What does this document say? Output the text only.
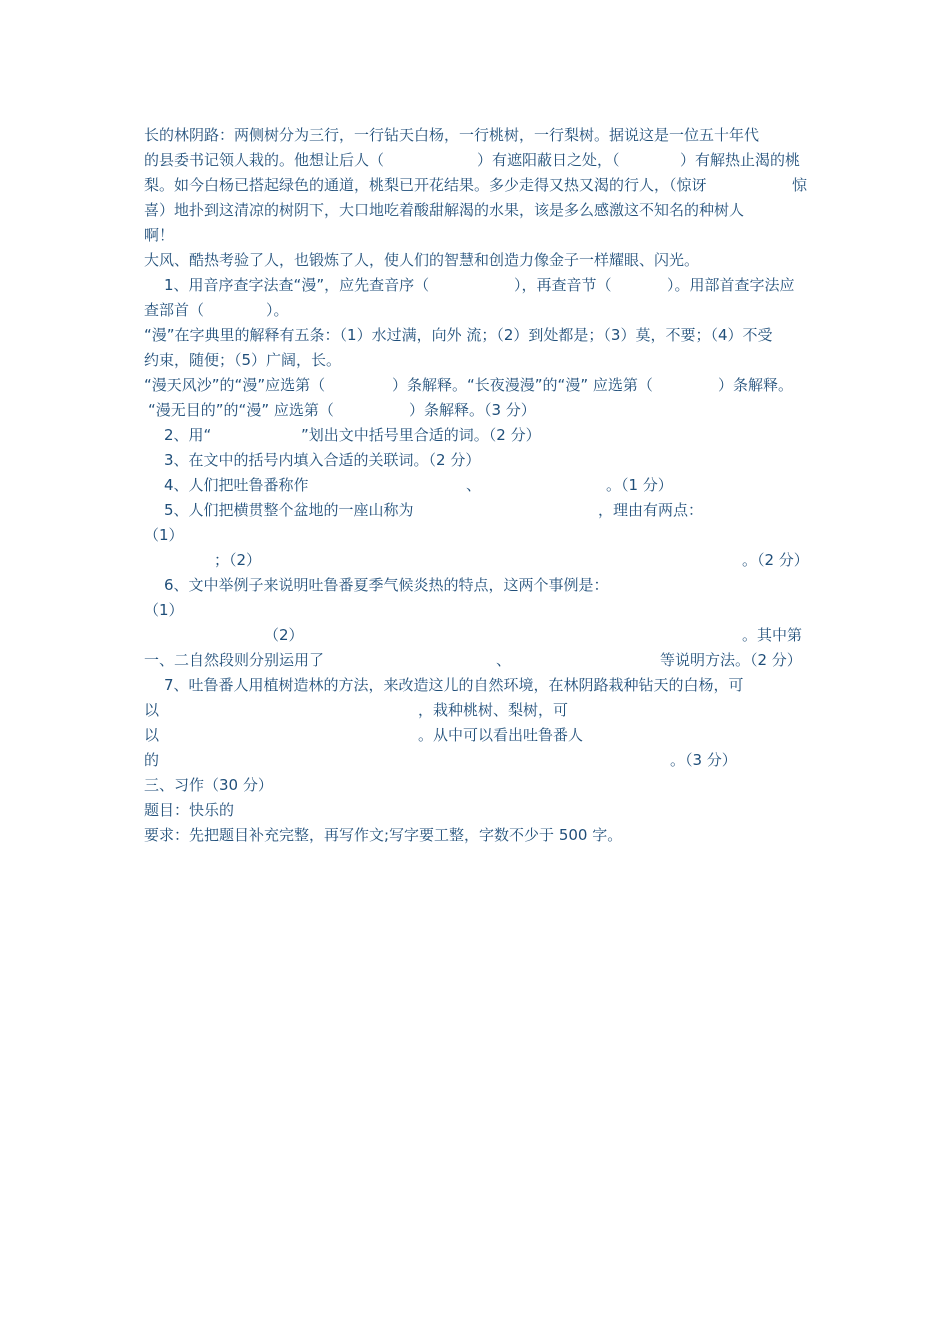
长的林阴路：两侧树分为三行，一行钻天白杨，一行桃树，一行梨树。据说这是一位五十年代
的县委书记领人栽的。他想让后人（	）有遮阳蔽日之处，（	）有解热止渴的桃
梨。如今白杨已搭起绿色的通道，桃梨已开花结果。多少走得又热又渴的行人，（惊讶	惊
喜）地扑到这清凉的树阴下，大口地吃着酸甜解渴的水果，该是多么感激这不知名的种树人
啊！
大风、酷热考验了人，也锻炼了人，使人们的智慧和创造力像金子一样耀眼、闪光。
1、用音序查字法查“漫”，应先查音序（	），再查音节（	）。用部首查字法应
查部首（	）。
“漫”在字典里的解释有五条：（1）水过满，向外 流；（2）到处都是；（3）莫，不要；（4）不受
约束，随便；（5）广阔，长。
“漫天风沙”的“漫”应选第（	）条解释。“长夜漫漫”的“漫” 应选第（	）条解释。
“漫无目的”的“漫” 应选第（	）条解释。（3 分）
2、用“	”划出文中括号里合适的词。（2 分）
3、在文中的括号内填入合适的关联词。（2 分）
4、人们把吐鲁番称作	、	。（1 分）
5、人们把横贯整个盆地的一座山称为	，理由有两点：
（1）
；（2）	。（2 分）
6、文中举例子来说明吐鲁番夏季气候炎热的特点，这两个事例是：
（1）
（2）	。其中第
一、二自然段则分别运用了	、	等说明方法。（2 分）
7、吐鲁番人用植树造林的方法，来改造这儿的自然环境，在林阴路栽种钻天的白杨，可
以	，栽种桃树、梨树，可
以	。从中可以看出吐鲁番人
的	。（3 分）
三、习作（30 分）
题目：快乐的
要求：先把题目补充完整，再写作文;写字要工整，字数不少于 500 字。
